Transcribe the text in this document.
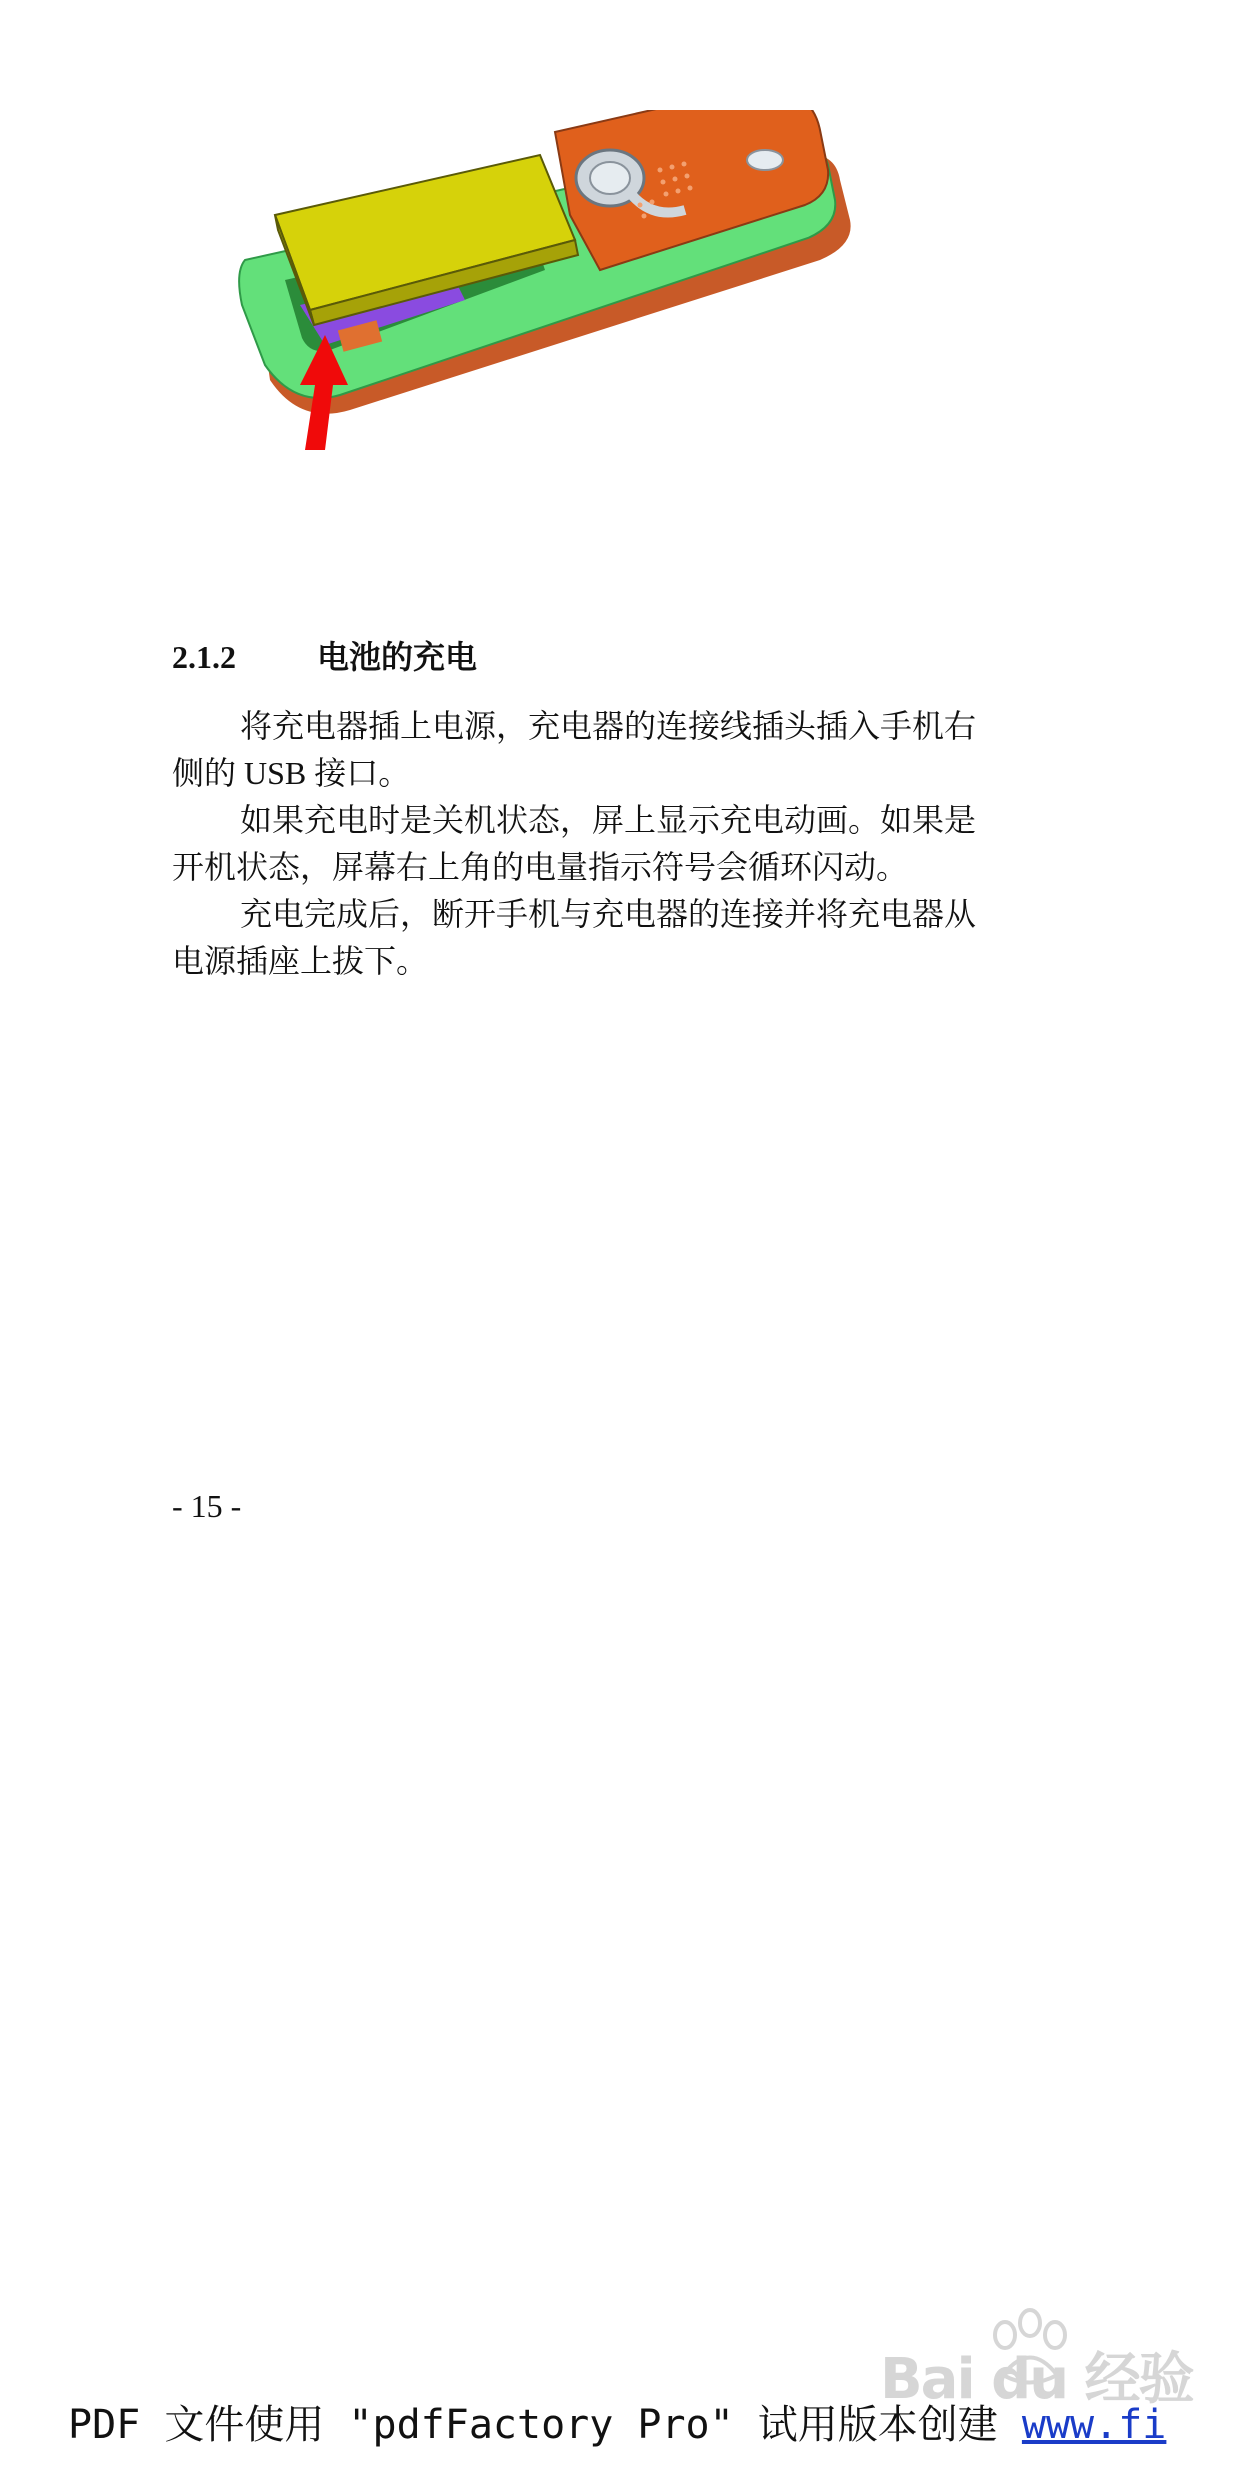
2.1.2	电池的充电
将充电器插上电源，充电器的连接线插头插入手机右
侧的 USB 接口。
如果充电时是关机状态，屏上显示充电动画。如果是
开机状态，屏幕右上角的电量指示符号会循环闪动。
充电完成后，断开手机与充电器的连接并将充电器从
电源插座上拔下。
- 15 -
Bai du 经验
PDF 文件使用 "pdfFactory Pro" 试用版本创建 www.fi
